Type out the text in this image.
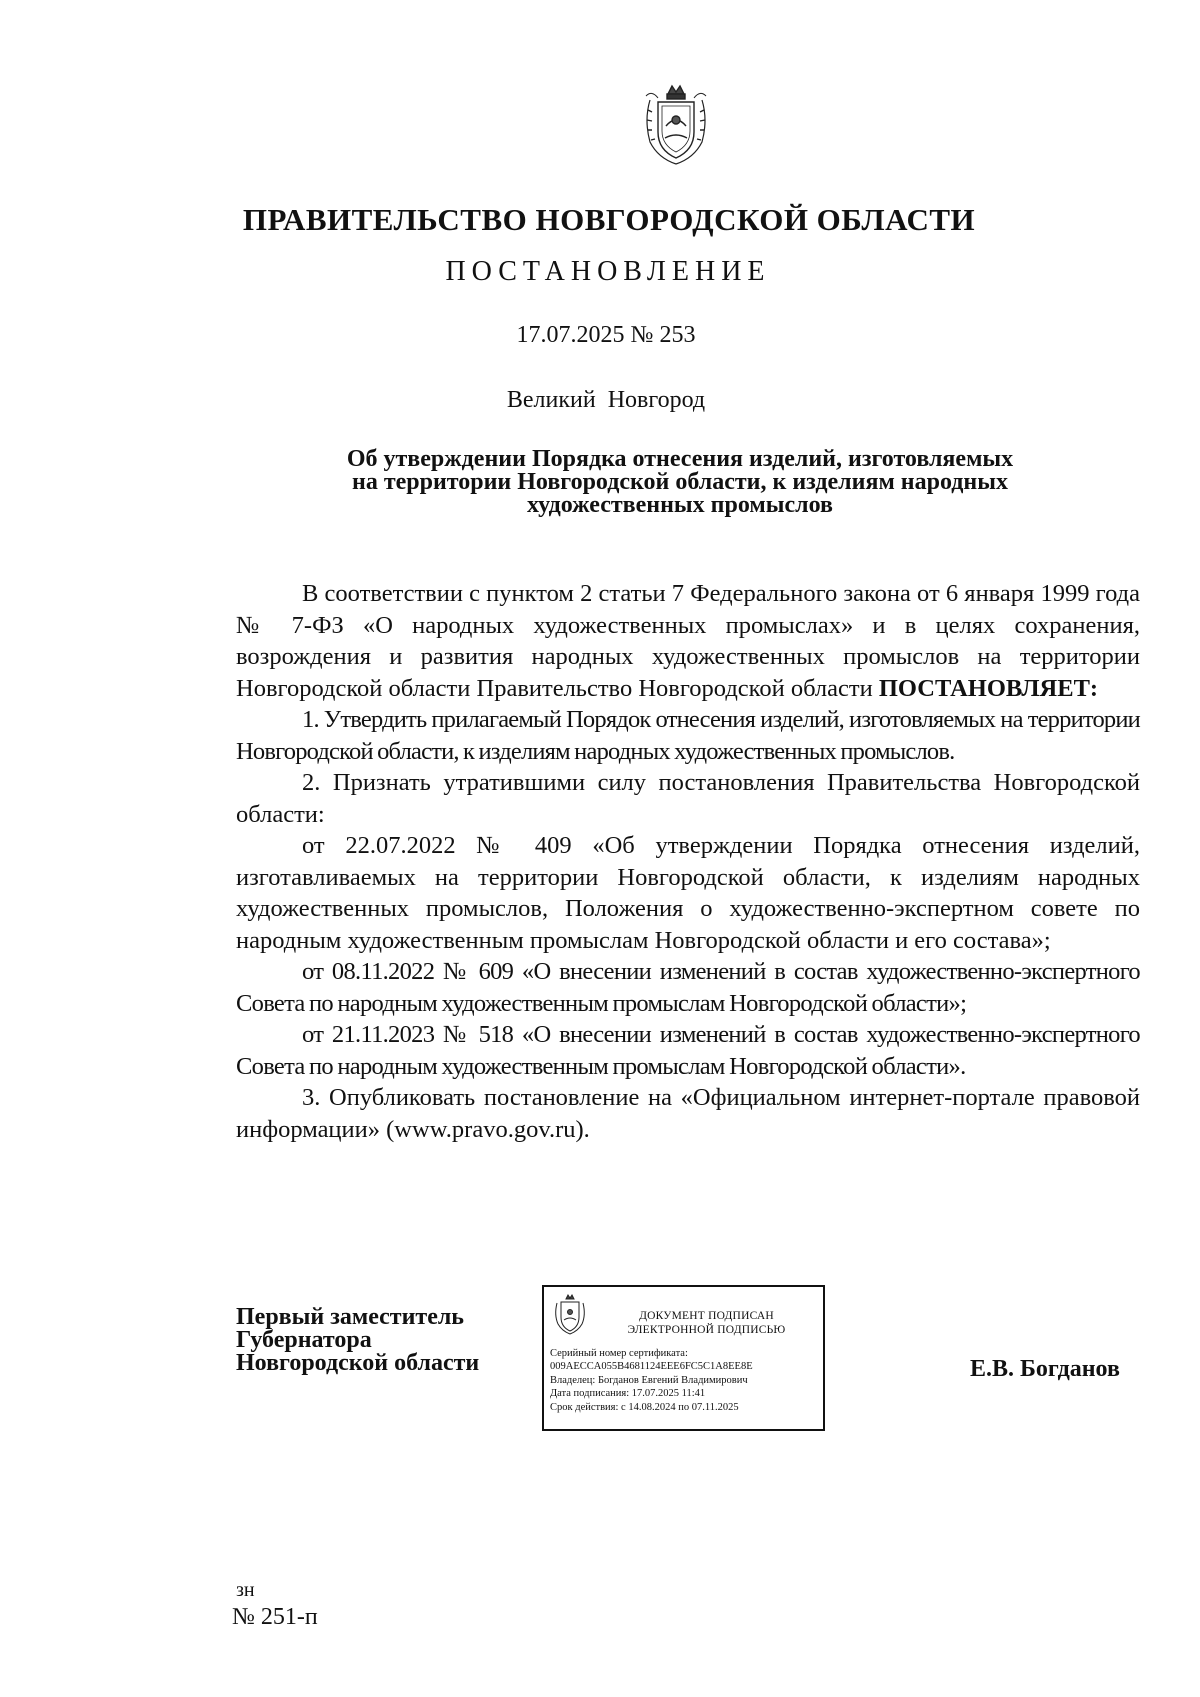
ПРАВИТЕЛЬСТВО НОВГОРОДСКОЙ ОБЛАСТИ
ПОСТАНОВЛЕНИЕ
17.07.2025 № 253
Великий Новгород
Об утверждении Порядка отнесения изделий, изготовляемых
на территории Новгородской области, к изделиям народных
художественных промыслов

В соответствии с пунктом 2 статьи 7 Федерального закона от 6 января 1999 года № 7-ФЗ «О народных художественных промыслах» и в целях сохранения, возрождения и развития народных художественных промыслов на территории Новгородской области Правительство Новгородской области ПОСТАНОВЛЯЕТ:

1. Утвердить прилагаемый Порядок отнесения изделий, изготовляемых на территории Новгородской области, к изделиям народных художественных промыслов.

2. Признать утратившими силу постановления Правительства Новгородской области:

от 22.07.2022 № 409 «Об утверждении Порядка отнесения изделий, изготавливаемых на территории Новгородской области, к изделиям народных художественных промыслов, Положения о художественно-экспертном совете по народным художественным промыслам Новгородской области и его состава»;

от 08.11.2022 № 609 «О внесении изменений в состав художественно-экспертного Совета по народным художественным промыслам Новгородской области»;

от 21.11.2023 № 518 «О внесении изменений в состав художественно-экспертного Совета по народным художественным промыслам Новгородской области».

3. Опубликовать постановление на «Официальном интернет-портале правовой информации» (www.pravo.gov.ru).

Первый заместитель
Губернатора
Новгородской области
ДОКУМЕНТ ПОДПИСАН
ЭЛЕКТРОННОЙ ПОДПИСЬЮ
Серийный номер сертификата:
009AECCA055B4681124EEE6FC5C1A8EE8E
Владелец: Богданов Евгений Владимирович
Дата подписания: 17.07.2025 11:41
Срок действия: с 14.08.2024 по 07.11.2025
Е.В. Богданов
зн
№ 251-п
